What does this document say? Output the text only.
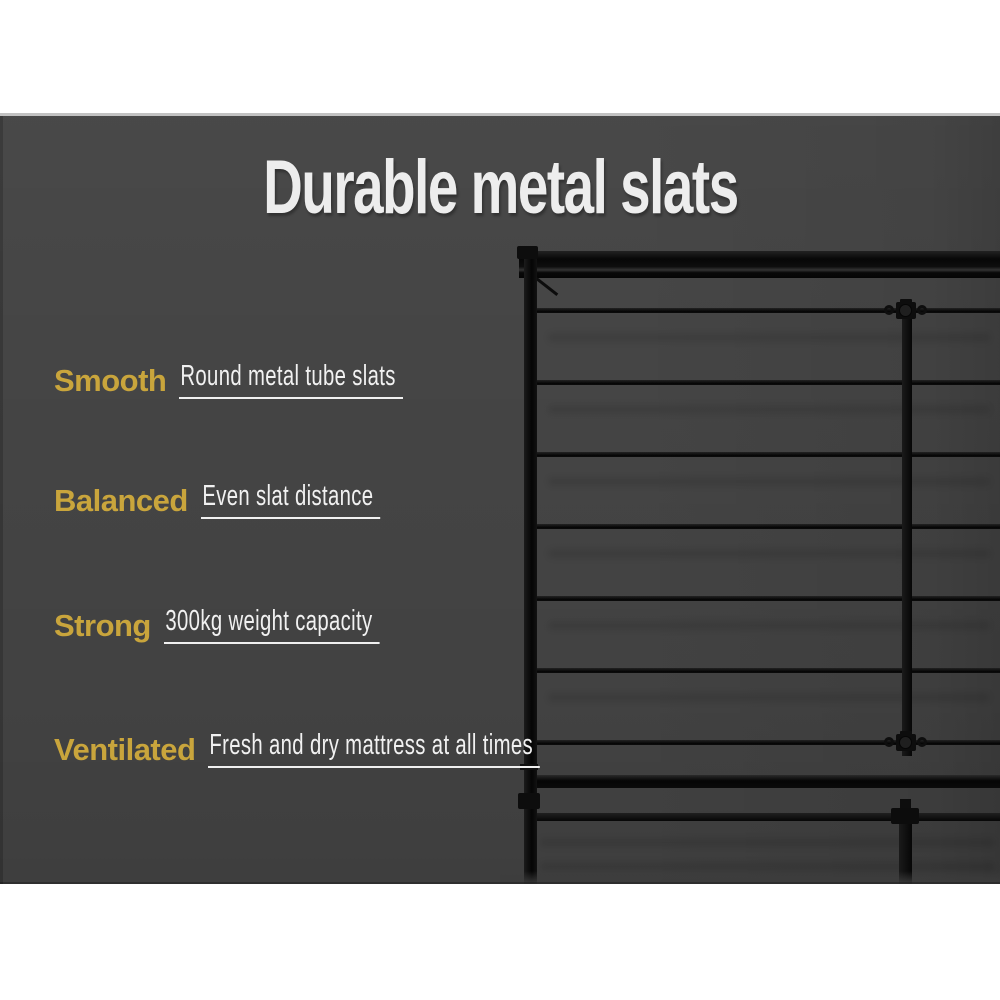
Durable metal slats
Smooth Round metal tube slats
Balanced Even slat distance
Strong 300kg weight capacity
Ventilated Fresh and dry mattress at all times
